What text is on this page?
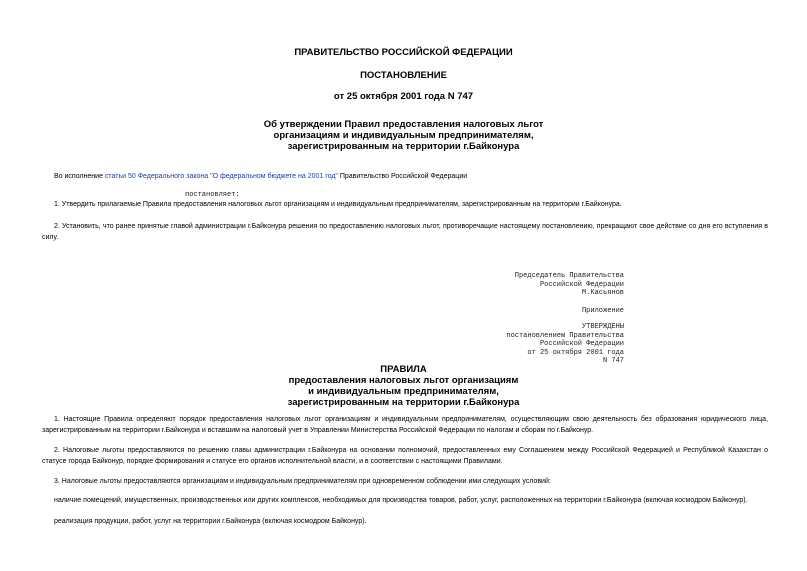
ПРАВИТЕЛЬСТВО РОССИЙСКОЙ ФЕДЕРАЦИИ
ПОСТАНОВЛЕНИЕ
от 25 октября 2001 года N 747
Об утверждении Правил предоставления налоговых льгот
организациям и индивидуальным предпринимателям,
зарегистрированным на территории г.Байконура
Во исполнение статьи 50 Федерального закона "О федеральном бюджете на 2001 год" Правительство Российской Федерации
постановляет:
1. Утвердить прилагаемые Правила предоставления налоговых льгот организациям и индивидуальным предпринимателям, зарегистрированным на территории г.Байконура.
2. Установить, что ранее принятые главой администрации г.Байконура решения по предоставлению налоговых льгот, противоречащие настоящему постановлению, прекращают свое действие со дня его вступления в силу.
Председатель Правительства
Российской Федерации
М.Касьянов
Приложение
УТВЕРЖДЕНЫ
постановлением Правительства
Российской Федерации
от 25 октября 2001 года
N 747
ПРАВИЛА
предоставления налоговых льгот организациям
и индивидуальным предпринимателям,
зарегистрированным на территории г.Байконура
1. Настоящие Правила определяют порядок предоставления налоговых льгот организациям и индивидуальным предпринимателям, осуществляющим свою деятельность без образования юридического лица, зарегистрированным на территории г.Байконура и вставшим на налоговый учет в Управлении Министерства Российской Федерации по налогам и сборам по г.Байконур.
2. Налоговые льготы предоставляются по решению главы администрации г.Байконура на основании полномочий, предоставленных ему Соглашением между Российской Федерацией и Республикой Казахстан о статусе города Байконур, порядке формирования и статусе его органов исполнительной власти, и в соответствии с настоящими Правилами.
3. Налоговые льготы предоставляются организациям и индивидуальным предпринимателям при одновременном соблюдении ими следующих условий:
наличие помещений, имущественных, производственных или других комплексов, необходимых для производства товаров, работ, услуг, расположенных на территории г.Байконура (включая космодром Байконур).
реализация продукции, работ, услуг на территории г.Байконура (включая космодром Байконур).
